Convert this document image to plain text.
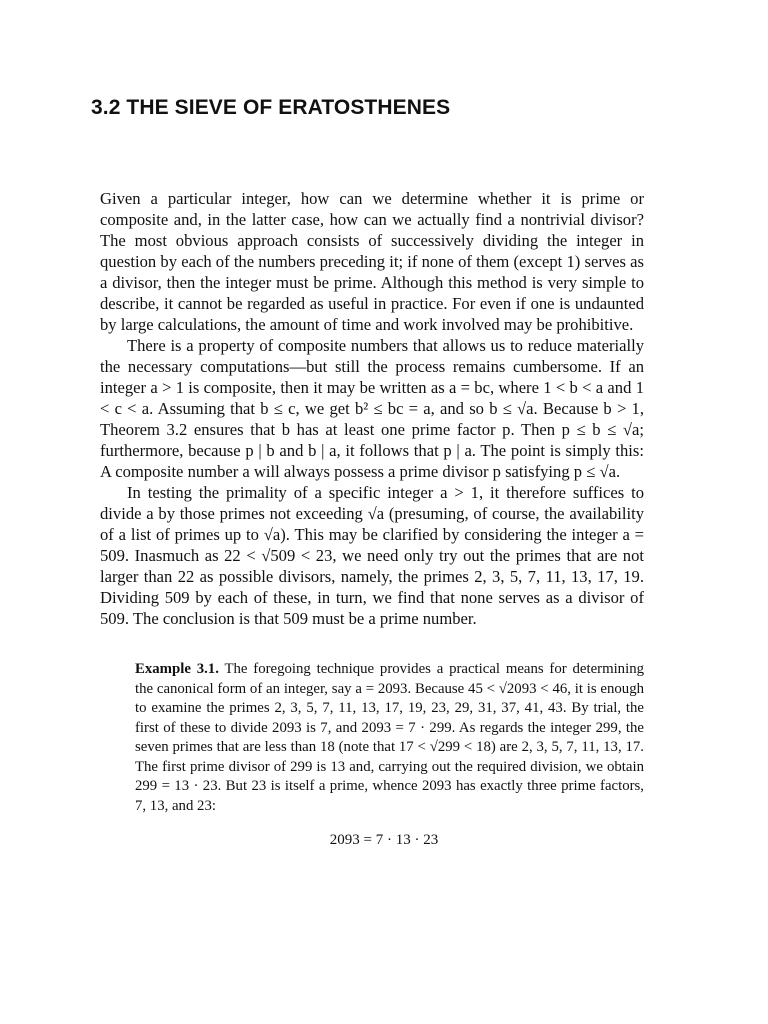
3.2 THE SIEVE OF ERATOSTHENES

Given a particular integer, how can we determine whether it is prime or composite and, in the latter case, how can we actually find a nontrivial divisor? The most obvious approach consists of successively dividing the integer in question by each of the numbers preceding it; if none of them (except 1) serves as a divisor, then the integer must be prime. Although this method is very simple to describe, it cannot be regarded as useful in practice. For even if one is undaunted by large calculations, the amount of time and work involved may be prohibitive.

There is a property of composite numbers that allows us to reduce materially the necessary computations—but still the process remains cumbersome. If an integer a > 1 is composite, then it may be written as a = bc, where 1 < b < a and 1 < c < a. Assuming that b ≤ c, we get b² ≤ bc = a, and so b ≤ √a. Because b > 1, Theorem 3.2 ensures that b has at least one prime factor p. Then p ≤ b ≤ √a; furthermore, because p | b and b | a, it follows that p | a. The point is simply this: A composite number a will always possess a prime divisor p satisfying p ≤ √a.

In testing the primality of a specific integer a > 1, it therefore suffices to divide a by those primes not exceeding √a (presuming, of course, the availability of a list of primes up to √a). This may be clarified by considering the integer a = 509. Inasmuch as 22 < √509 < 23, we need only try out the primes that are not larger than 22 as possible divisors, namely, the primes 2, 3, 5, 7, 11, 13, 17, 19. Dividing 509 by each of these, in turn, we find that none serves as a divisor of 509. The conclusion is that 509 must be a prime number.

Example 3.1. The foregoing technique provides a practical means for determining the canonical form of an integer, say a = 2093. Because 45 < √2093 < 46, it is enough to examine the primes 2, 3, 5, 7, 11, 13, 17, 19, 23, 29, 31, 37, 41, 43. By trial, the first of these to divide 2093 is 7, and 2093 = 7 · 299. As regards the integer 299, the seven primes that are less than 18 (note that 17 < √299 < 18) are 2, 3, 5, 7, 11, 13, 17. The first prime divisor of 299 is 13 and, carrying out the required division, we obtain 299 = 13 · 23. But 23 is itself a prime, whence 2093 has exactly three prime factors, 7, 13, and 23:

2093 = 7 · 13 · 23
